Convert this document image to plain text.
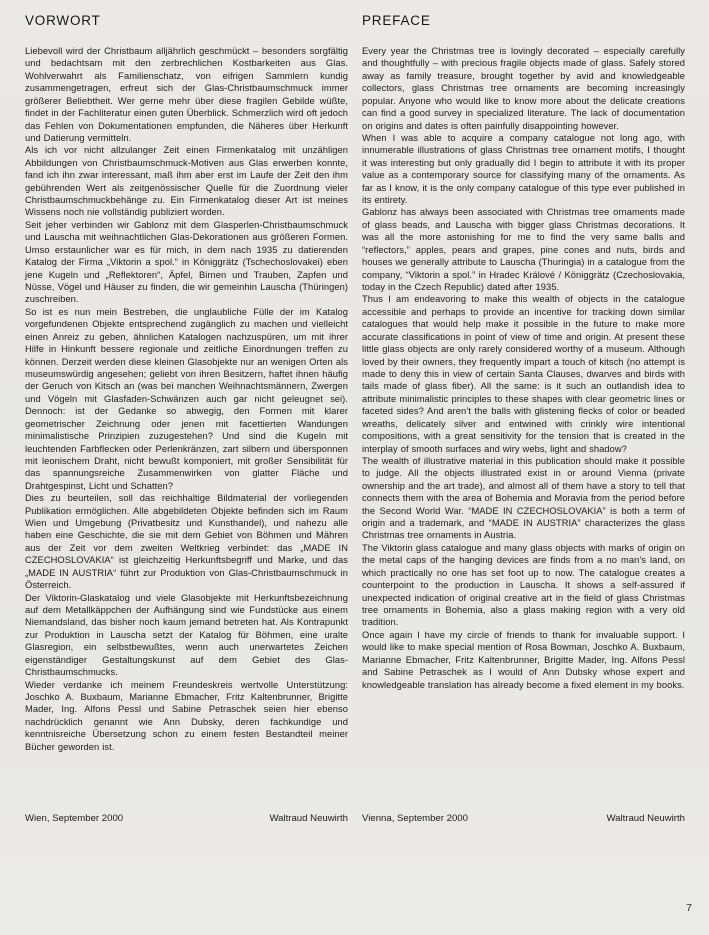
VORWORT

Liebevoll wird der Christbaum alljährlich geschmückt – besonders sorgfältig und bedachtsam mit den zerbrechlichen Kostbarkeiten aus Glas. Wohlverwahrt als Familienschatz, von eifrigen Sammlern kundig zusammengetragen, erfreut sich der Glas-Christbaumschmuck immer größerer Beliebtheit. Wer gerne mehr über diese fragilen Gebilde wüßte, findet in der Fachliteratur einen guten Überblick. Schmerzlich wird oft jedoch das Fehlen von Dokumentationen empfunden, die Näheres über Herkunft und Datierung vermitteln.

Als ich vor nicht allzulanger Zeit einen Firmenkatalog mit unzähligen Abbildungen von Christbaumschmuck-Motiven aus Glas erwerben konnte, fand ich ihn zwar interessant, maß ihm aber erst im Laufe der Zeit den ihm gebührenden Wert als zeitgenössischer Quelle für die Zuordnung vieler Christbaumschmuckbehänge zu. Ein Firmenkatalog dieser Art ist meines Wissens noch nie vollständig publiziert worden.

Seit jeher verbinden wir Gablonz mit dem Glasperlen-Christbaumschmuck und Lauscha mit weihnachtlichen Glas-Dekorationen aus größeren Formen. Umso erstaunlicher war es für mich, in dem nach 1935 zu datierenden Katalog der Firma „Viktorin a spol.“ in Königgrätz (Tschechoslovakei) eben jene Kugeln und „Reflektoren“, Äpfel, Birnen und Trauben, Zapfen und Nüsse, Vögel und Häuser zu finden, die wir gemeinhin Lauscha (Thüringen) zuschreiben.

So ist es nun mein Bestreben, die unglaubliche Fülle der im Katalog vorgefundenen Objekte entsprechend zugänglich zu machen und vielleicht einen Anreiz zu geben, ähnlichen Katalogen nachzuspüren, um mit ihrer Hilfe in Hinkunft bessere regionale und zeitliche Einordnungen treffen zu können. Derzeit werden diese kleinen Glasobjekte nur an wenigen Orten als museumswürdig angesehen; geliebt von ihren Besitzern, haftet ihnen häufig der Geruch von Kitsch an (was bei manchen Weihnachtsmännern, Zwergen und Vögeln mit Glasfaden-Schwänzen auch gar nicht geleugnet sei). Dennoch: ist der Gedanke so abwegig, den Formen mit klarer geometrischer Zeichnung oder jenen mit facettierten Wandungen minimalistische Prinzipien zuzugestehen? Und sind die Kugeln mit leuchtenden Farbflecken oder Perlenkränzen, zart silbern und übersponnen mit leonischem Draht, nicht bewußt komponiert, mit großer Sensibilität für das spannungsreiche Zusammenwirken von glatter Fläche und Drahtgespinst, Licht und Schatten?

Dies zu beurteilen, soll das reichhaltige Bildmaterial der vorliegenden Publikation ermöglichen. Alle abgebildeten Objekte befinden sich im Raum Wien und Umgebung (Privatbesitz und Kunsthandel), und nahezu alle haben eine Geschichte, die sie mit dem Gebiet von Böhmen und Mähren aus der Zeit vor dem zweiten Weltkrieg verbindet: das „MADE IN CZECHOSLOVAKIA“ ist gleichzeitig Herkunftsbegriff und Marke, und das „MADE IN AUSTRIA“ führt zur Produktion von Glas-Christbaumschmuck in Österreich.

Der Viktorin-Glaskatalog und viele Glasobjekte mit Herkunftsbezeichnung auf dem Metallkäppchen der Aufhängung sind wie Fundstücke aus einem Niemandsland, das bisher noch kaum jemand betreten hat. Als Kontrapunkt zur Produktion in Lauscha setzt der Katalog für Böhmen, eine uralte Glasregion, ein selbstbewußtes, wenn auch unerwartetes Zeichen eigenständiger Gestaltungskunst auf dem Gebiet des Glas-Christbaumschmucks.

Wieder verdanke ich meinem Freundeskreis wertvolle Unterstützung: Joschko A. Buxbaum, Marianne Ebmacher, Fritz Kaltenbrunner, Brigitte Mader, Ing. Alfons Pessl und Sabine Petraschek seien hier ebenso nachdrücklich genannt wie Ann Dubsky, deren fachkundige und kenntnisreiche Übersetzung schon zu einem festen Bestandteil meiner Bücher geworden ist.

PREFACE

Every year the Christmas tree is lovingly decorated – especially carefully and thoughtfully – with precious fragile objects made of glass. Safely stored away as family treasure, brought together by avid and knowledgeable collectors, glass Christmas tree ornaments are becoming increasingly popular. Anyone who would like to know more about the delicate creations can find a good survey in specialized literature. The lack of documentation on origins and dates is often painfully disappointing however.

When I was able to acquire a company catalogue not long ago, with innumerable illustrations of glass Christmas tree ornament motifs, I thought it was interesting but only gradually did I begin to attribute it with its proper value as a contemporary source for classifying many of the ornaments. As far as I know, it is the only company catalogue of this type ever published in its entirety.

Gablonz has always been associated with Christmas tree ornaments made of glass beads, and Lauscha with bigger glass Christmas decorations. It was all the more astonishing for me to find the very same balls and “reflectors,” apples, pears and grapes, pine cones and nuts, birds and houses we generally attribute to Lauscha (Thuringia) in a catalogue from the company, “Viktorin a spol.” in Hradec Králové / Königgrätz (Czechoslovakia, today in the Czech Republic) dated after 1935.

Thus I am endeavoring to make this wealth of objects in the catalogue accessible and perhaps to provide an incentive for tracking down similar catalogues that would help make it possible in the future to make more accurate classifications in point of view of time and origin. At present these little glass objects are only rarely considered worthy of a museum. Although loved by their owners, they frequently impart a touch of kitsch (no attempt is made to deny this in view of certain Santa Clauses, dwarves and birds with tails made of glass fiber). All the same: is it such an outlandish idea to attribute minimalistic principles to these shapes with clear geometric lines or faceted sides? And aren’t the balls with glistening flecks of color or beaded wreaths, delicately silver and entwined with crinkly wire intentional compositions, with a great sensitivity for the tension that is created in the interplay of smooth surfaces and wiry webs, light and shadow?

The wealth of illustrative material in this publication should make it possible to judge. All the objects illustrated exist in or around Vienna (private ownership and the art trade), and almost all of them have a story to tell that connects them with the area of Bohemia and Moravia from the period before the Second World War. “MADE IN CZECHOSLOVAKIA” is both a term of origin and a trademark, and “MADE IN AUSTRIA” characterizes the glass Christmas tree ornaments in Austria.

The Viktorin glass catalogue and many glass objects with marks of origin on the metal caps of the hanging devices are finds from a no man’s land, on which practically no one has set foot up to now. The catalogue creates a counterpoint to the production in Lauscha. It shows a self-assured if unexpected indication of original creative art in the field of glass Christmas tree ornaments in Bohemia, also a glass making region with a very old tradition.

Once again I have my circle of friends to thank for invaluable support. I would like to make special mention of Rosa Bowman, Joschko A. Buxbaum, Marianne Ebmacher, Fritz Kaltenbrunner, Brigitte Mader, Ing. Alfons Pessl and Sabine Petraschek as I would of Ann Dubsky whose expert and knowledgeable translation has already become a fixed element in my books.

Wien, September 2000	Waltraud Neuwirth Vienna, September 2000	Waltraud Neuwirth
7
